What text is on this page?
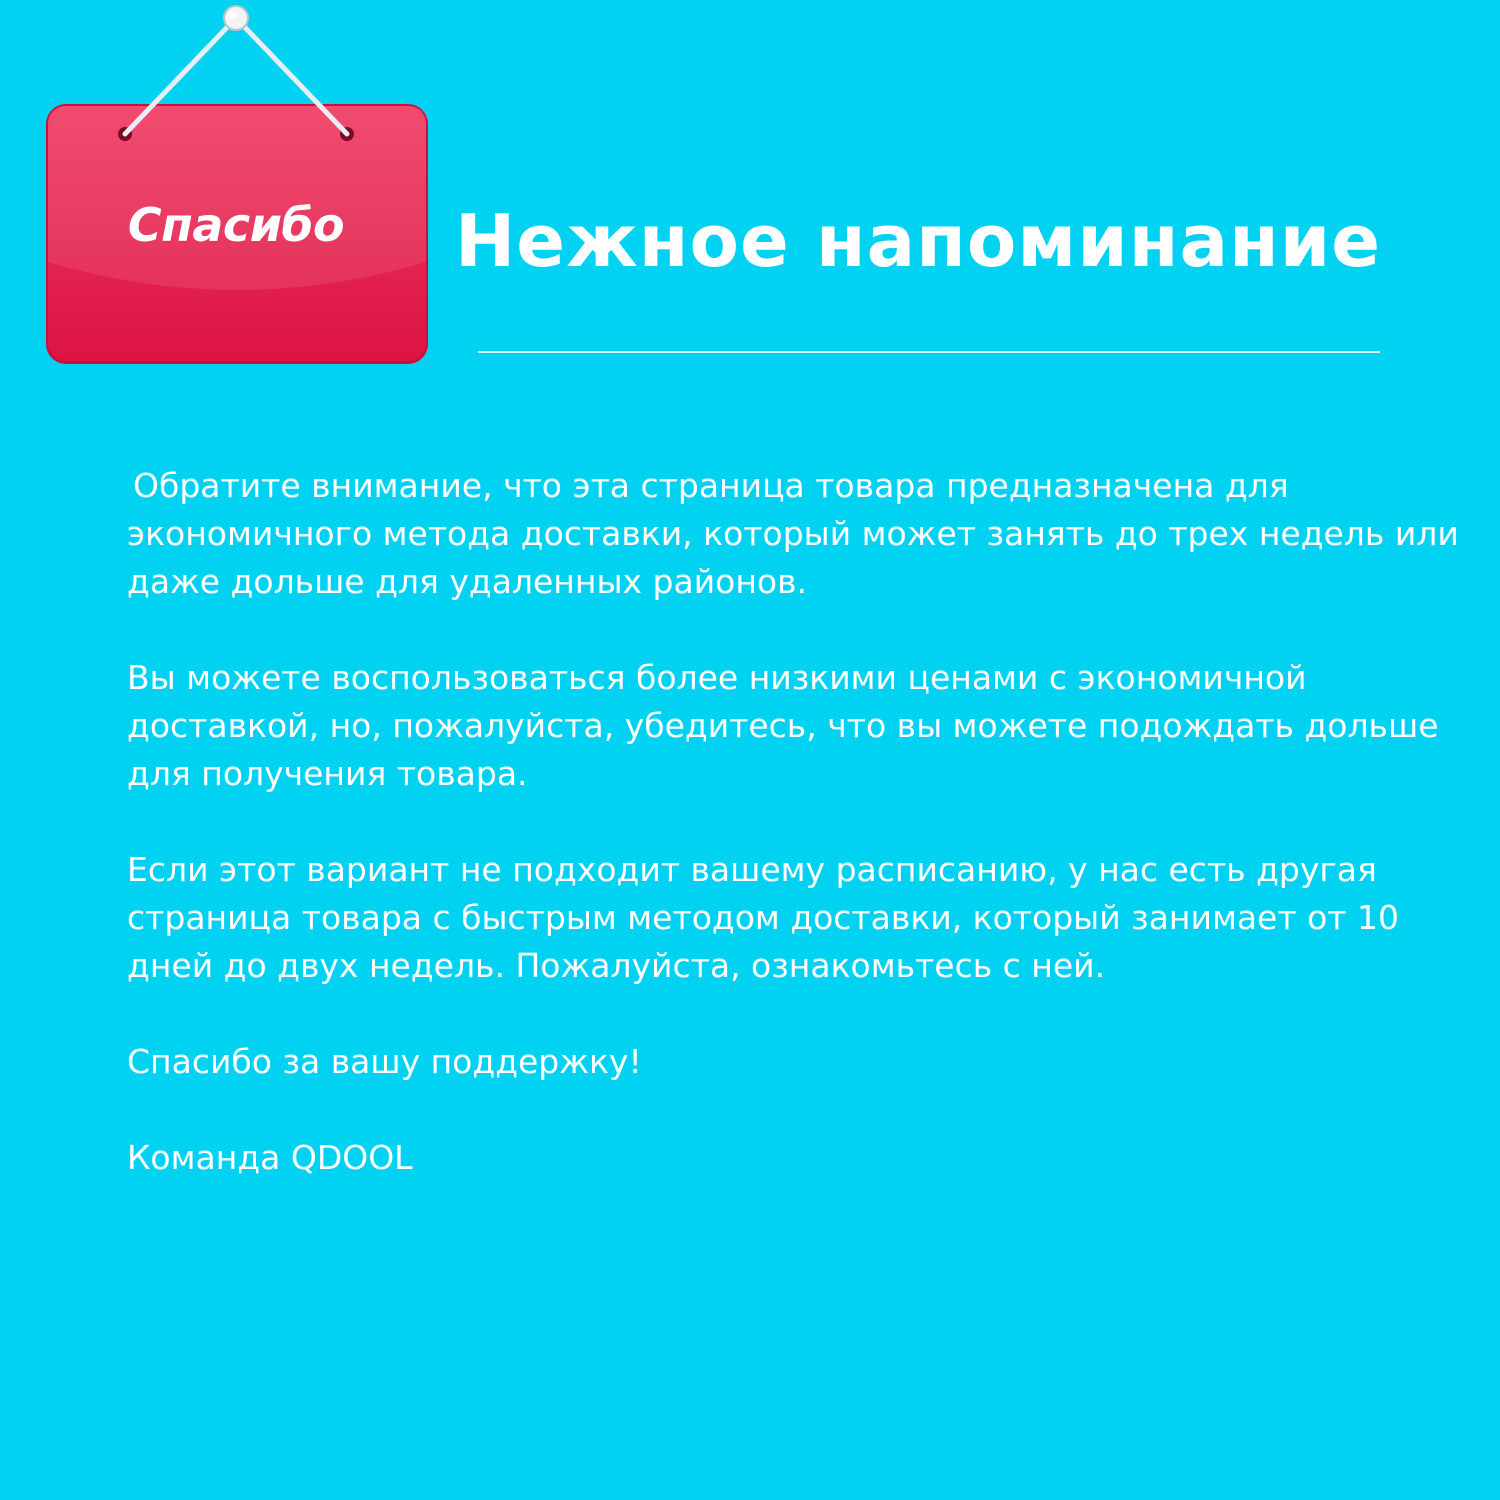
Спасибо	Нежное напоминание

Обратите внимание, что эта страница товара предназначена для экономичного метода доставки, который может занять до трех недель или даже дольше для удаленных районов.

Вы можете воспользоваться более низкими ценами с экономичной доставкой, но, пожалуйста, убедитесь, что вы можете подождать дольше для получения товара.

Если этот вариант не подходит вашему расписанию, у нас есть другая страница товара с быстрым методом доставки, который занимает от 10 дней до двух недель. Пожалуйста, ознакомьтесь с ней.

Спасибо за вашу поддержку!

Команда QDOOL
